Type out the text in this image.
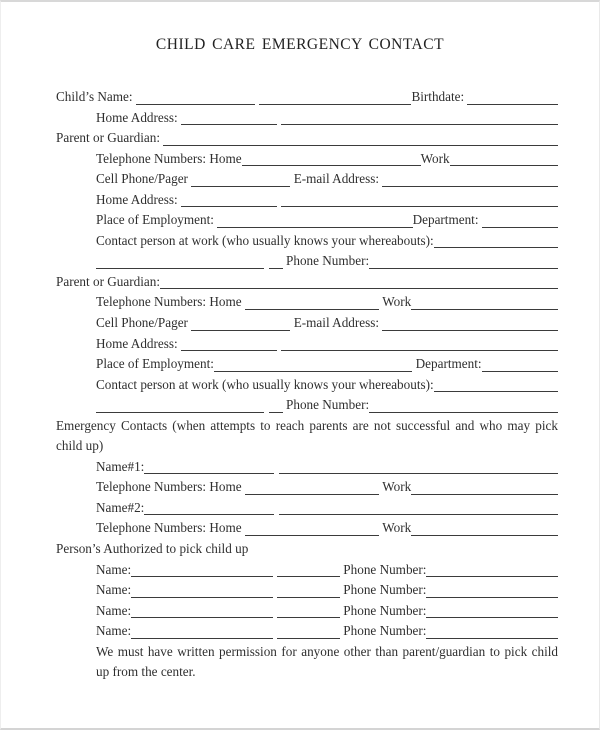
CHILD CARE EMERGENCY CONTACT
Child’s Name:	Birthdate:
Home Address:
Parent or Guardian:
Telephone Numbers: Home	Work
Cell Phone/Pager	E-mail Address:
Home Address:
Place of Employment:	Department:
Contact person at work (who usually knows your whereabouts):
Phone Number:
Parent or Guardian:
Telephone Numbers: Home	Work
Cell Phone/Pager	E-mail Address:
Home Address:
Place of Employment:	Department:
Contact person at work (who usually knows your whereabouts):
Phone Number:
Emergency Contacts (when attempts to reach parents are not successful and who may pick
child up)
Name#1:
Telephone Numbers: Home	Work
Name#2:
Telephone Numbers: Home	Work
Person’s Authorized to pick child up
Name:	Phone Number:
Name:	Phone Number:
Name:	Phone Number:
Name:	Phone Number:
We must have written permission for anyone other than parent/guardian to pick child
up from the center.
